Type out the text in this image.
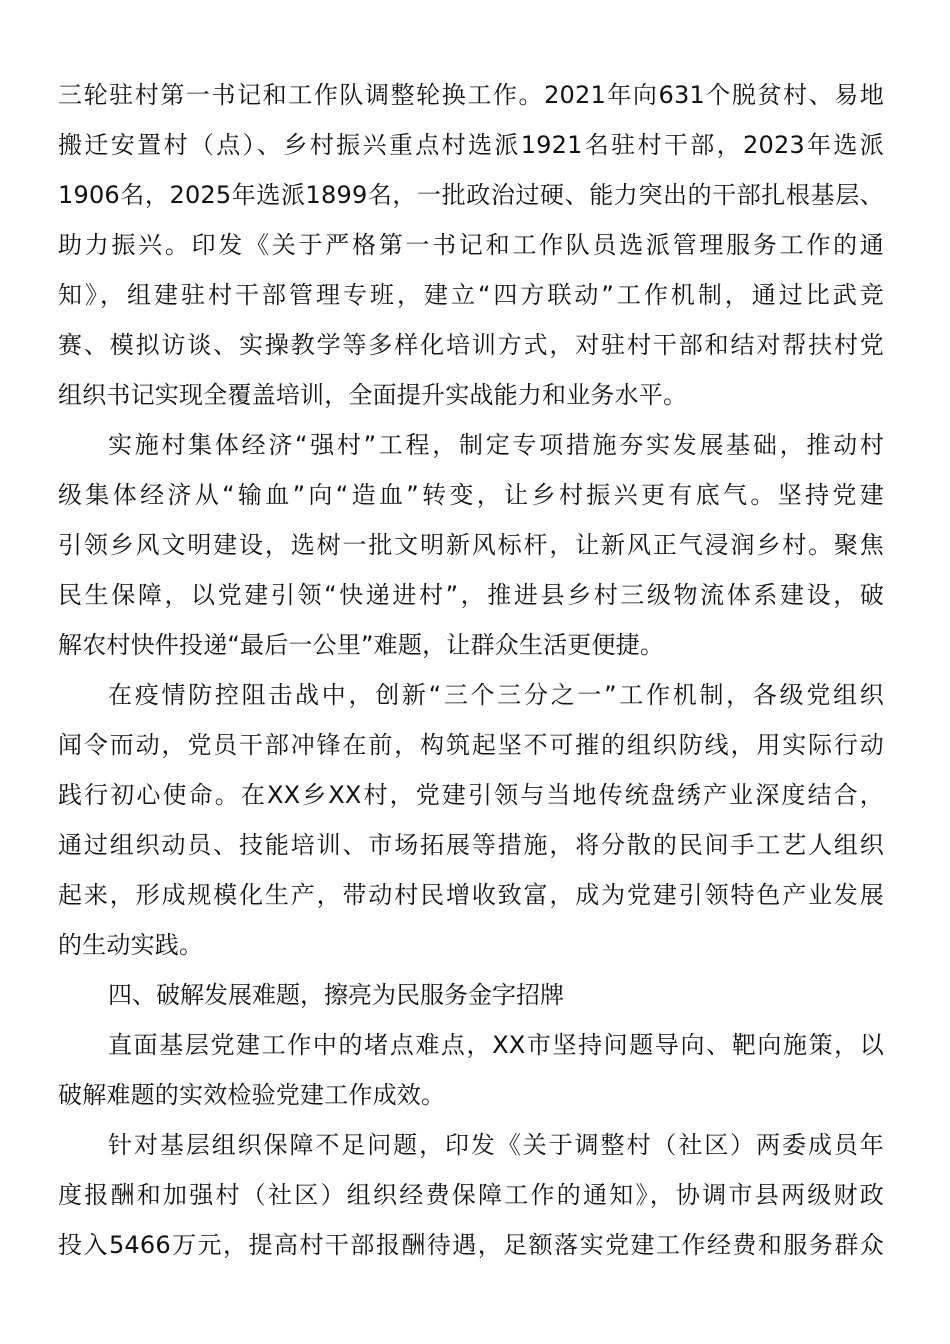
三轮驻村第一书记和工作队调整轮换工作。2021年向631个脱贫村、易地
搬迁安置村（点）、乡村振兴重点村选派1921名驻村干部，2023年选派
1906名，2025年选派1899名，一批政治过硬、能力突出的干部扎根基层、
助力振兴。印发《关于严格第一书记和工作队员选派管理服务工作的通
知》，组建驻村干部管理专班，建立“四方联动”工作机制，通过比武竞
赛、模拟访谈、实操教学等多样化培训方式，对驻村干部和结对帮扶村党
组织书记实现全覆盖培训，全面提升实战能力和业务水平。

实施村集体经济“强村”工程，制定专项措施夯实发展基础，推动村
级集体经济从“输血”向“造血”转变，让乡村振兴更有底气。坚持党建
引领乡风文明建设，选树一批文明新风标杆，让新风正气浸润乡村。聚焦
民生保障，以党建引领“快递进村”，推进县乡村三级物流体系建设，破
解农村快件投递“最后一公里”难题，让群众生活更便捷。

在疫情防控阻击战中，创新“三个三分之一”工作机制，各级党组织
闻令而动，党员干部冲锋在前，构筑起坚不可摧的组织防线，用实际行动
践行初心使命。在XX乡XX村，党建引领与当地传统盘绣产业深度结合，
通过组织动员、技能培训、市场拓展等措施，将分散的民间手工艺人组织
起来，形成规模化生产，带动村民增收致富，成为党建引领特色产业发展
的生动实践。

四、破解发展难题，擦亮为民服务金字招牌

直面基层党建工作中的堵点难点，XX市坚持问题导向、靶向施策，以
破解难题的实效检验党建工作成效。

针对基层组织保障不足问题，印发《关于调整村（社区）两委成员年
度报酬和加强村（社区）组织经费保障工作的通知》，协调市县两级财政
投入5466万元，提高村干部报酬待遇，足额落实党建工作经费和服务群众
